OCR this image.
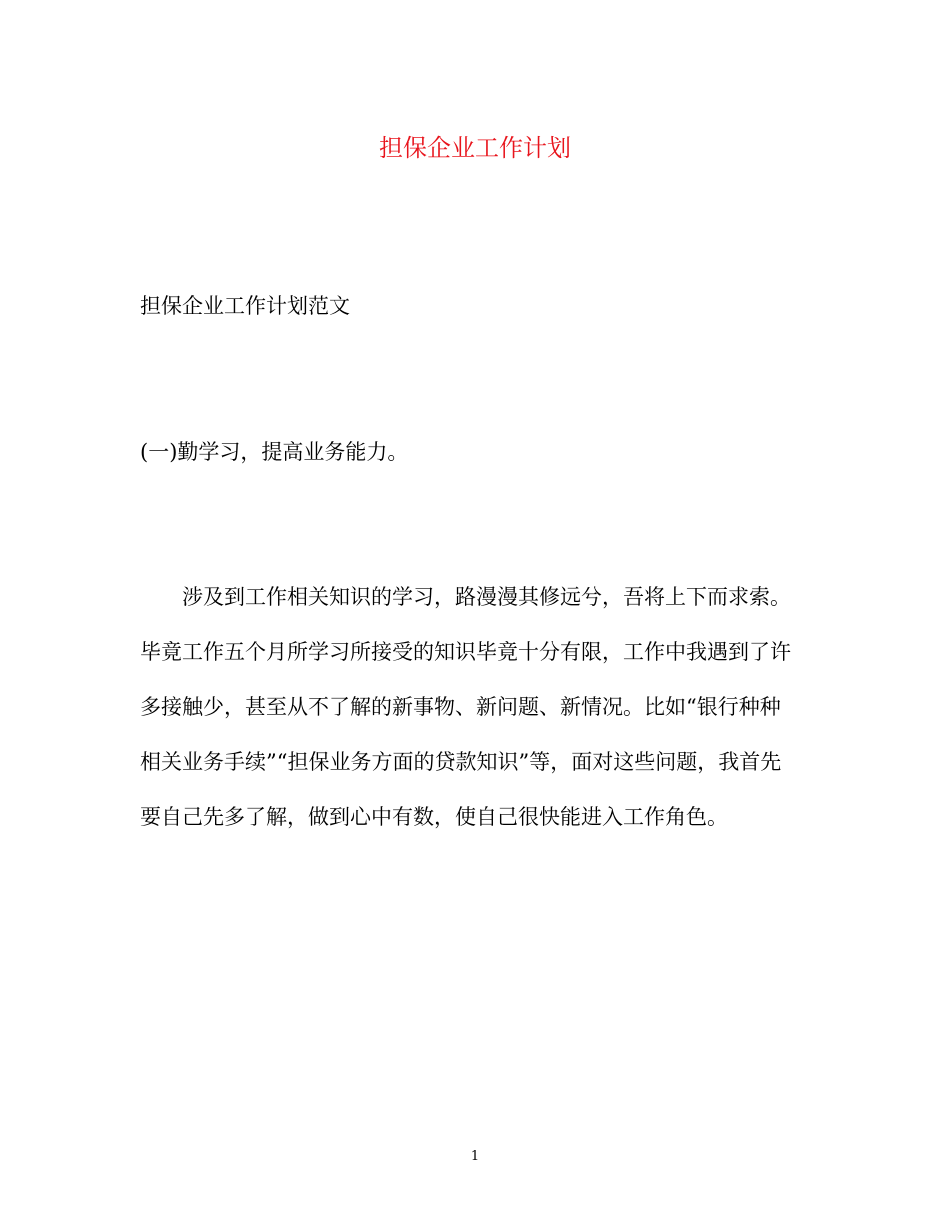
担保企业工作计划

担保企业工作计划范文

(一)勤学习，提高业务能力。

涉及到工作相关知识的学习，路漫漫其修远兮，吾将上下而求索。
毕竟工作五个月所学习所接受的知识毕竟十分有限，工作中我遇到了许
多接触少，甚至从不了解的新事物、新问题、新情况。比如“银行种种
相关业务手续”“担保业务方面的贷款知识”等，面对这些问题，我首先
要自己先多了解，做到心中有数，使自己很快能进入工作角色。

1
